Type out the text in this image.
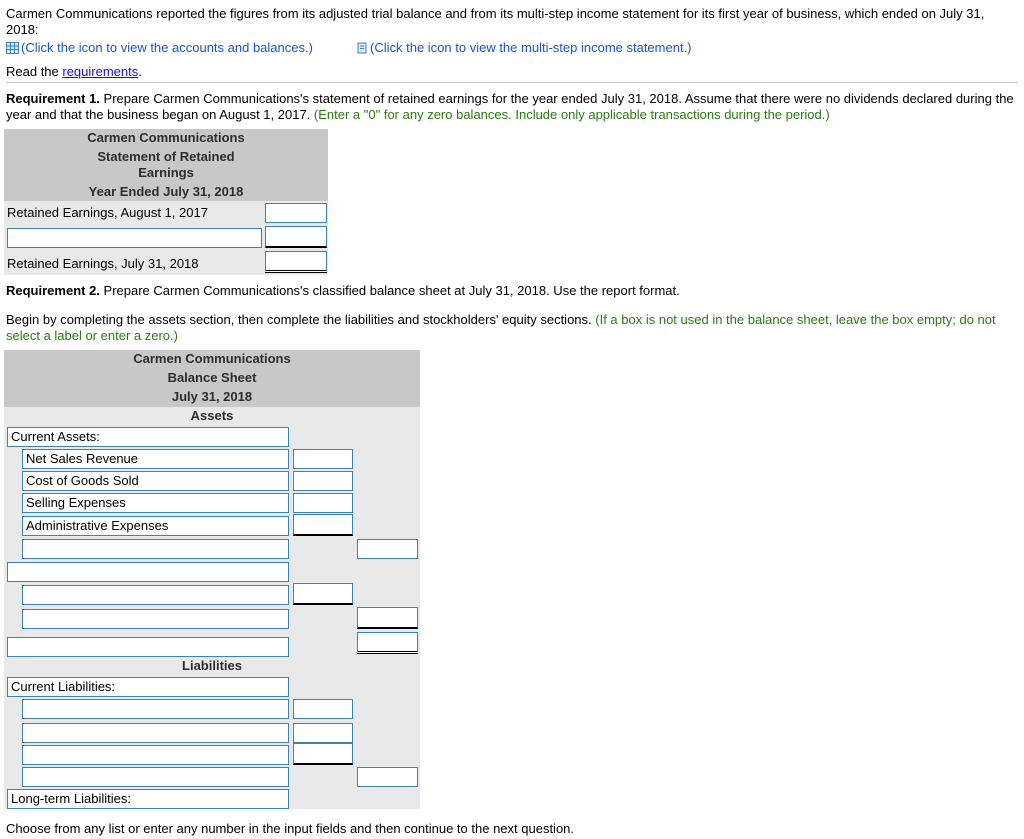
Carmen Communications reported the figures from its adjusted trial balance and from its multi-step income statement for its first year of business, which ended on July 31, 2018:
(Click the icon to view the accounts and balances.)	(Click the icon to view the multi-step income statement.)
Read the requirements.
Requirement 1. Prepare Carmen Communications's statement of retained earnings for the year ended July 31, 2018. Assume that there were no dividends declared during the year and that the business began on August 1, 2017. (Enter a "0" for any zero balances. Include only applicable transactions during the period.)
Carmen Communications
Statement of Retained
Earnings
Year Ended July 31, 2018
Retained Earnings, August 1, 2017
Retained Earnings, July 31, 2018
Requirement 2. Prepare Carmen Communications's classified balance sheet at July 31, 2018. Use the report format.
Begin by completing the assets section, then complete the liabilities and stockholders' equity sections. (If a box is not used in the balance sheet, leave the box empty; do not select a label or enter a zero.)
Carmen Communications
Balance Sheet
July 31, 2018
Assets
Current Assets:
Net Sales Revenue
Cost of Goods Sold
Selling Expenses
Administrative Expenses
Liabilities
Current Liabilities:
Long-term Liabilities:
Choose from any list or enter any number in the input fields and then continue to the next question.
